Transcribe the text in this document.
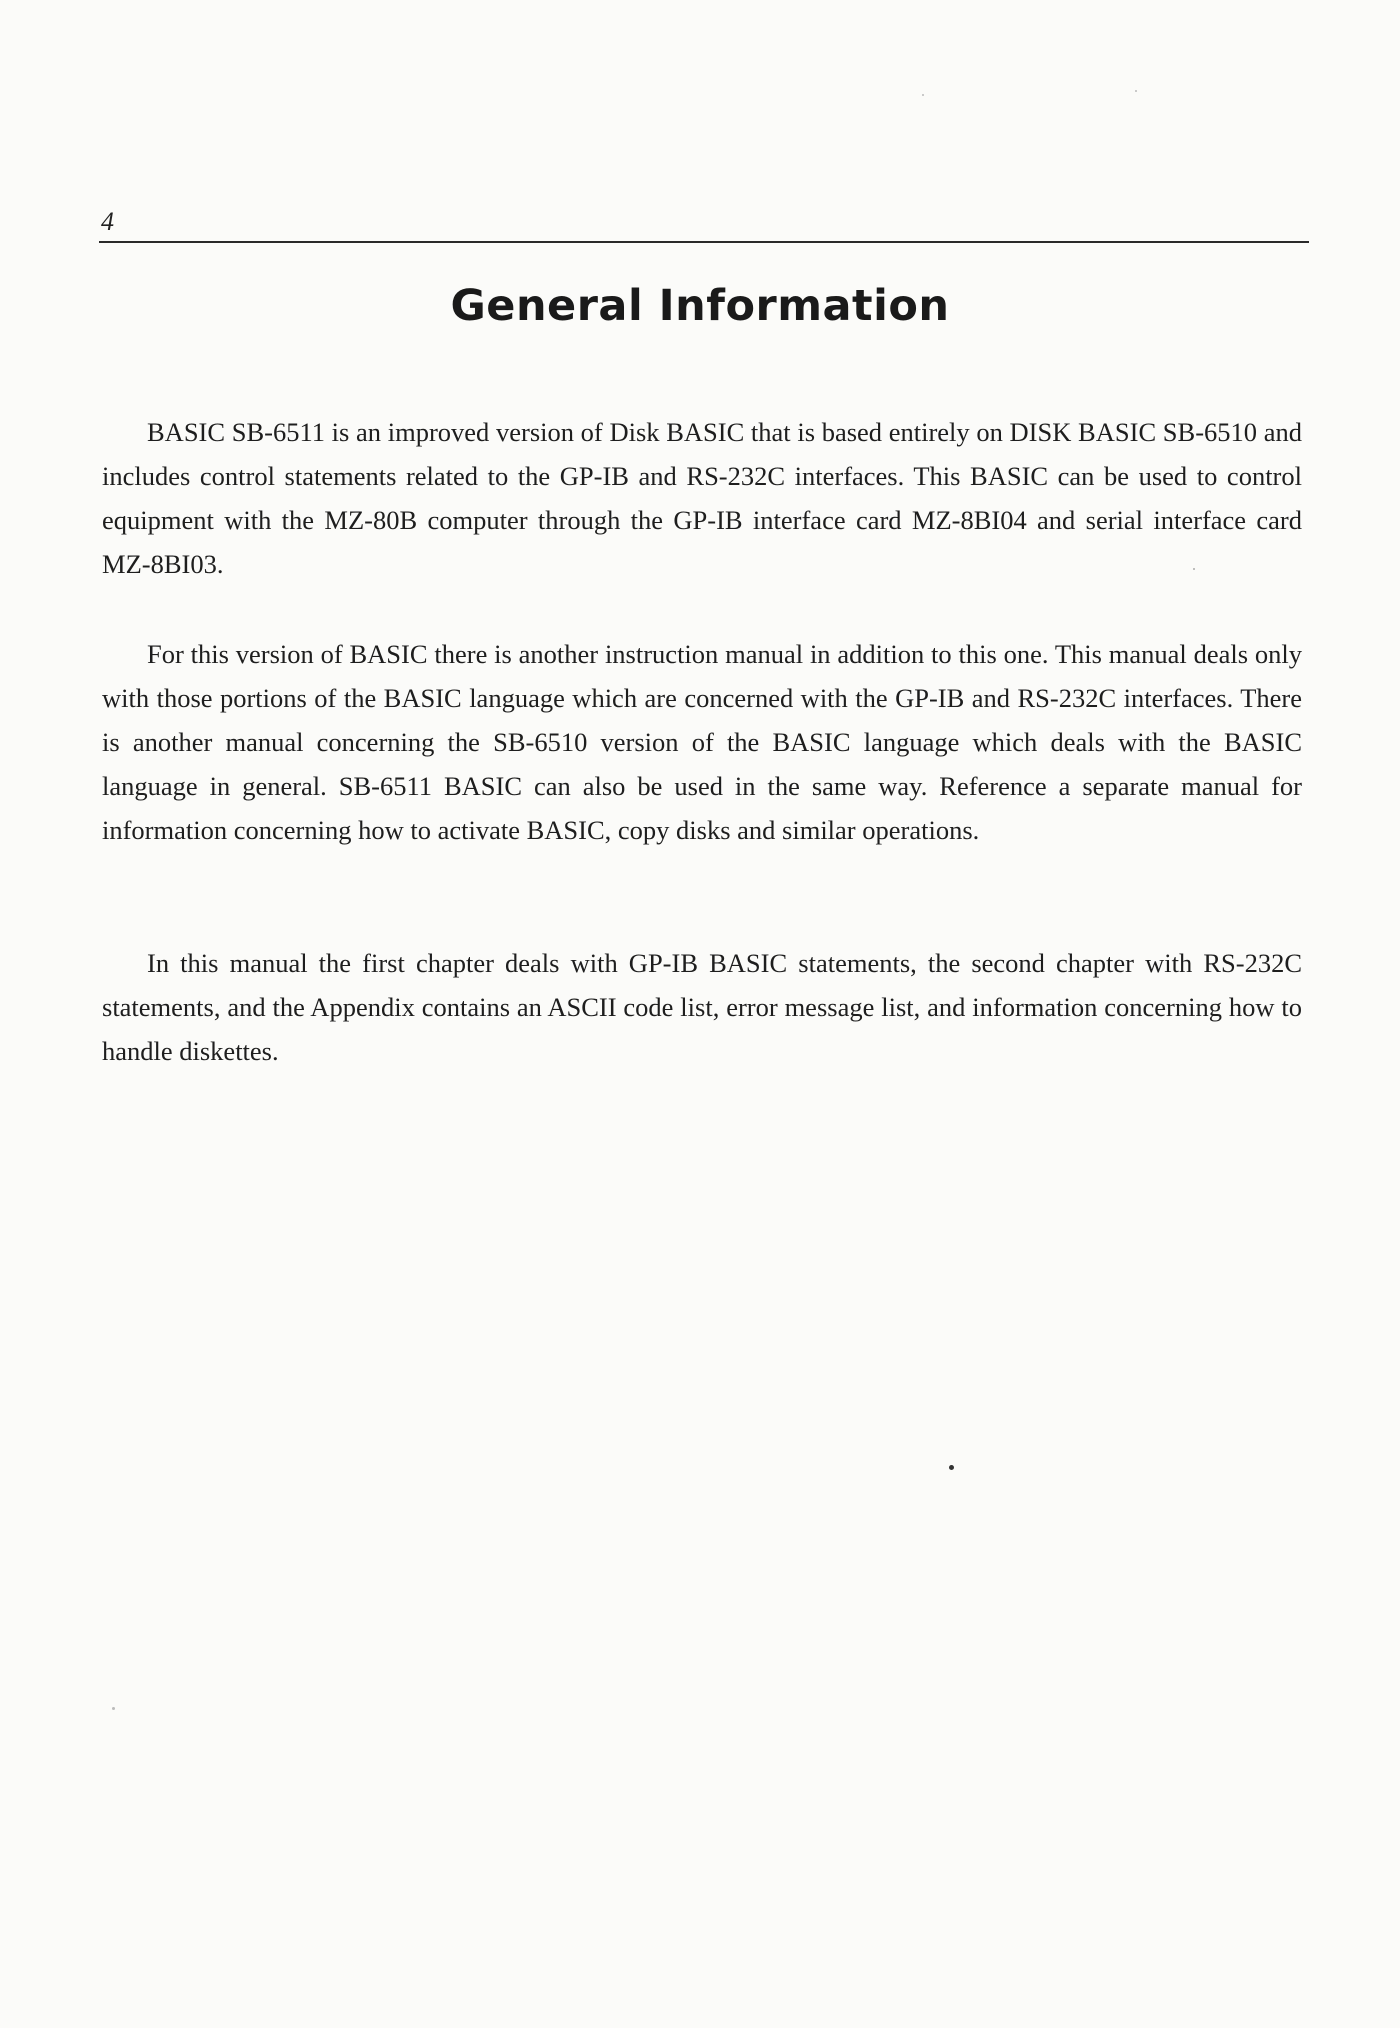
4
General Information

BASIC SB-6511 is an improved version of Disk BASIC that is based entirely on DISK BASIC SB-6510 and includes control statements related to the GP-IB and RS-232C interfaces. This BASIC can be used to control equipment with the MZ-80B computer through the GP-IB interface card MZ-8BI04 and serial interface card MZ-8BI03.

For this version of BASIC there is another instruction manual in addition to this one. This manual deals only with those portions of the BASIC language which are concerned with the GP-IB and RS-232C interfaces. There is another manual concerning the SB-6510 version of the BASIC language which deals with the BASIC language in general. SB-6511 BASIC can also be used in the same way. Reference a separate manual for information concerning how to activate BASIC, copy disks and similar operations.

In this manual the first chapter deals with GP-IB BASIC statements, the second chapter with RS-232C statements, and the Appendix contains an ASCII code list, error message list, and information concerning how to handle diskettes.
